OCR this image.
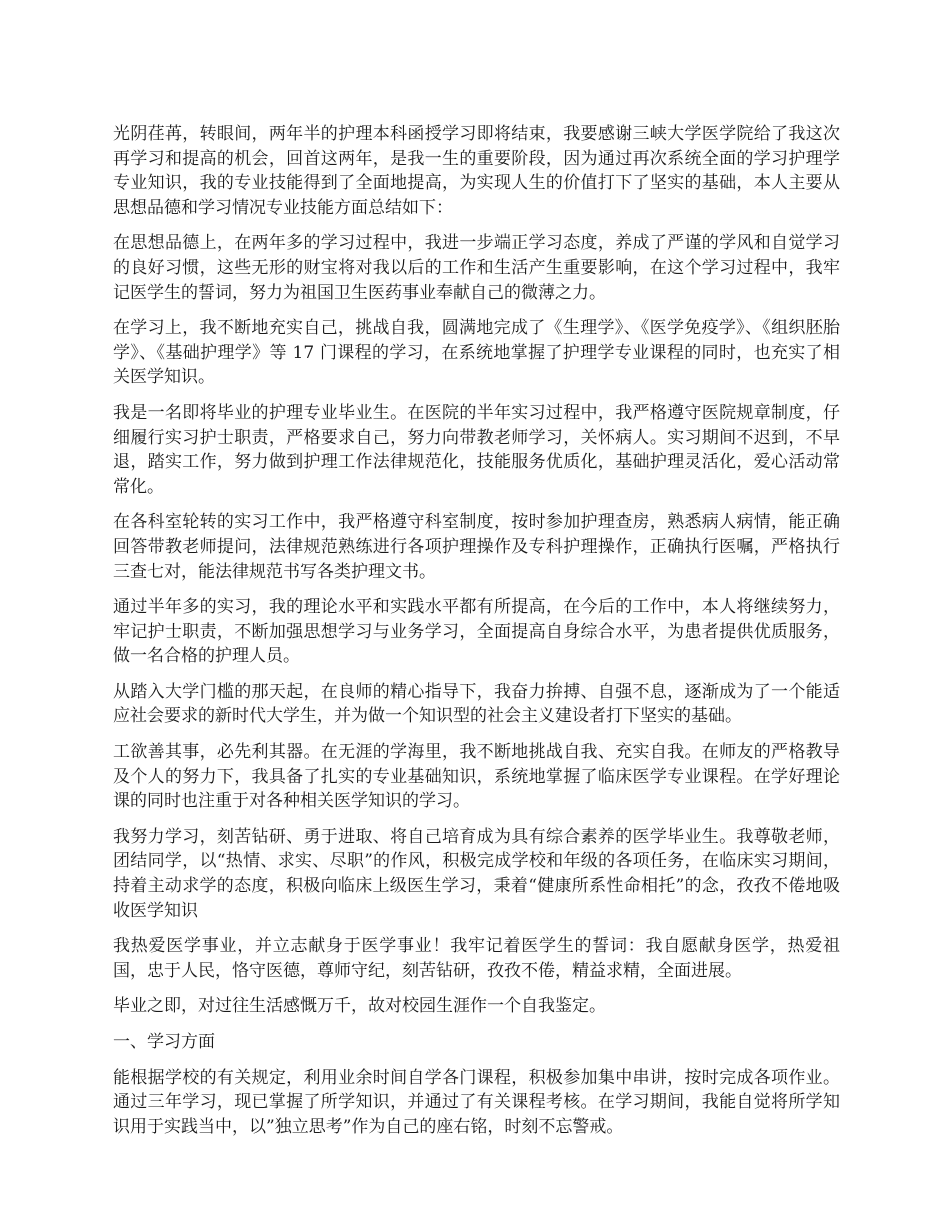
光阴荏苒，转眼间，两年半的护理本科函授学习即将结束，我要感谢三峡大学医学院给了我这次再学习和提高的机会，回首这两年，是我一生的重要阶段，因为通过再次系统全面的学习护理学专业知识，我的专业技能得到了全面地提高，为实现人生的价值打下了坚实的基础，本人主要从思想品德和学习情况专业技能方面总结如下：

在思想品德上，在两年多的学习过程中，我进一步端正学习态度，养成了严谨的学风和自觉学习的良好习惯，这些无形的财宝将对我以后的工作和生活产生重要影响，在这个学习过程中，我牢记医学生的誓词，努力为祖国卫生医药事业奉献自己的微薄之力。

在学习上，我不断地充实自己，挑战自我，圆满地完成了《生理学》、《医学免疫学》、《组织胚胎学》、《基础护理学》等 17 门课程的学习，在系统地掌握了护理学专业课程的同时，也充实了相关医学知识。

我是一名即将毕业的护理专业毕业生。在医院的半年实习过程中，我严格遵守医院规章制度，仔细履行实习护士职责，严格要求自己，努力向带教老师学习，关怀病人。实习期间不迟到，不早退，踏实工作，努力做到护理工作法律规范化，技能服务优质化，基础护理灵活化，爱心活动常常化。

在各科室轮转的实习工作中，我严格遵守科室制度，按时参加护理查房，熟悉病人病情，能正确回答带教老师提问，法律规范熟练进行各项护理操作及专科护理操作，正确执行医嘱，严格执行三查七对，能法律规范书写各类护理文书。

通过半年多的实习，我的理论水平和实践水平都有所提高，在今后的工作中，本人将继续努力，牢记护士职责，不断加强思想学习与业务学习，全面提高自身综合水平，为患者提供优质服务，做一名合格的护理人员。

从踏入大学门槛的那天起，在良师的精心指导下，我奋力拚搏、自强不息，逐渐成为了一个能适应社会要求的新时代大学生，并为做一个知识型的社会主义建设者打下坚实的基础。

工欲善其事，必先利其器。在无涯的学海里，我不断地挑战自我、充实自我。在师友的严格教导及个人的努力下，我具备了扎实的专业基础知识，系统地掌握了临床医学专业课程。在学好理论课的同时也注重于对各种相关医学知识的学习。

我努力学习，刻苦钻研、勇于进取、将自己培育成为具有综合素养的医学毕业生。我尊敬老师，团结同学，以“热情、求实、尽职”的作风，积极完成学校和年级的各项任务，在临床实习期间，持着主动求学的态度，积极向临床上级医生学习，秉着“健康所系性命相托”的念，孜孜不倦地吸收医学知识

我热爱医学事业，并立志献身于医学事业！我牢记着医学生的誓词：我自愿献身医学，热爱祖国，忠于人民，恪守医德，尊师守纪，刻苦钻研，孜孜不倦，精益求精，全面进展。

毕业之即，对过往生活感慨万千，故对校园生涯作一个自我鉴定。

一、学习方面

能根据学校的有关规定，利用业余时间自学各门课程，积极参加集中串讲，按时完成各项作业。通过三年学习，现已掌握了所学知识，并通过了有关课程考核。在学习期间，我能自觉将所学知识用于实践当中，以”独立思考”作为自己的座右铭，时刻不忘警戒。
